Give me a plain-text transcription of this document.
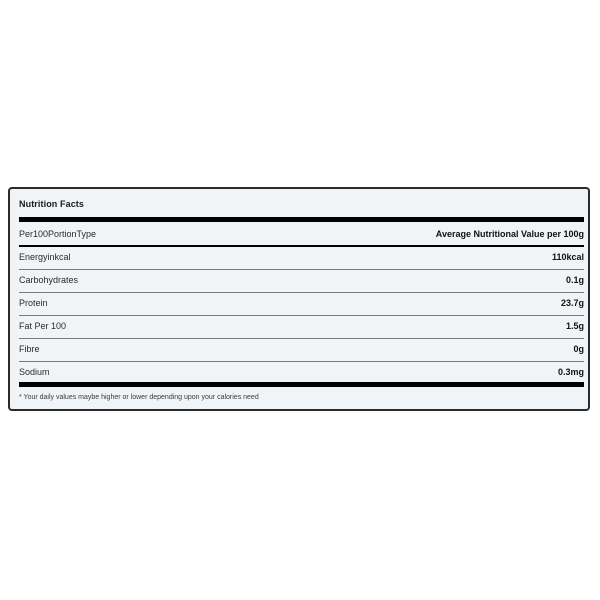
Nutrition Facts
Per100PortionType	Average Nutritional Value per 100g
Energyinkcal	110kcal
Carbohydrates	0.1g
Protein	23.7g
Fat Per 100	1.5g
Fibre	0g
Sodium	0.3mg
* Your daily values maybe higher or lower depending upon your calories need
